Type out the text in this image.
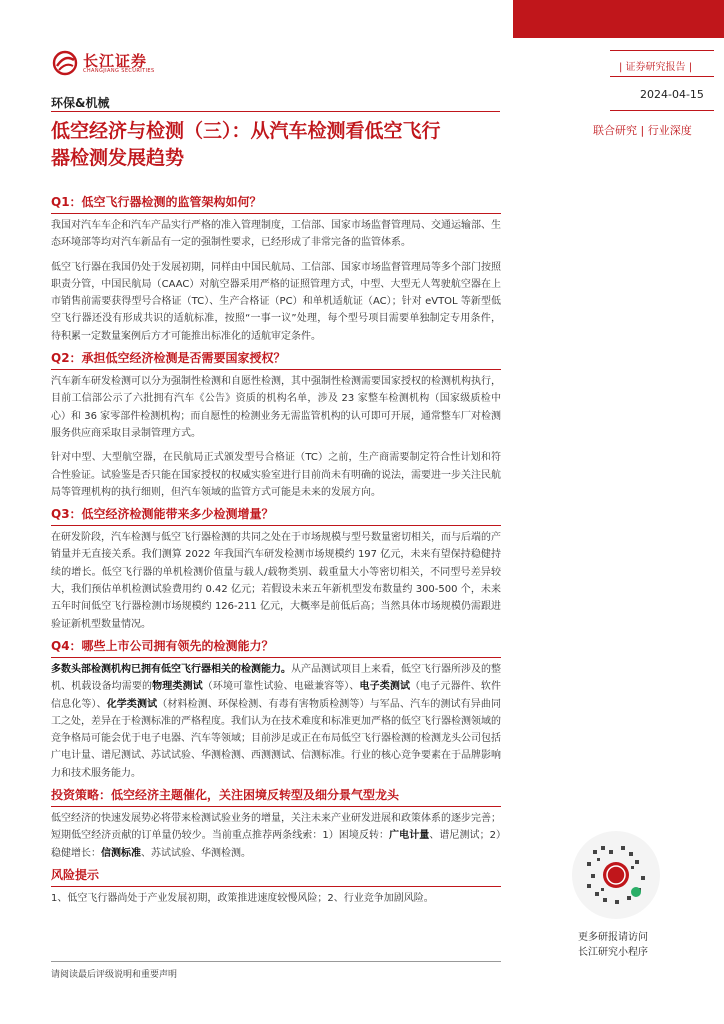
长江证券
CHANGJIANG SECURITIES
环保&机械
低空经济与检测（三）：从汽车检测看低空飞行
器检测发展趋势
| 证券研究报告 |
2024-04-15
联合研究 | 行业深度
Q1：低空飞行器检测的监管架构如何？

我国对汽车车企和汽车产品实行严格的准入管理制度，工信部、国家市场监督管理局、交通运输部、生态环境部等均对汽车新品有一定的强制性要求，已经形成了非常完备的监管体系。

低空飞行器在我国仍处于发展初期，同样由中国民航局、工信部、国家市场监督管理局等多个部门按照职责分管，中国民航局（CAAC）对航空器采用严格的证照管理方式，中型、大型无人驾驶航空器在上市销售前需要获得型号合格证（TC）、生产合格证（PC）和单机适航证（AC）；针对 eVTOL 等新型低空飞行器还没有形成共识的适航标准，按照“一事一议”处理，每个型号项目需要单独制定专用条件，待积累一定数量案例后方才可能推出标准化的适航审定条件。

Q2：承担低空经济检测是否需要国家授权？

汽车新车研发检测可以分为强制性检测和自愿性检测，其中强制性检测需要国家授权的检测机构执行，目前工信部公示了六批拥有汽车《公告》资质的机构名单，涉及 23 家整车检测机构（国家级质检中心）和 36 家零部件检测机构；而自愿性的检测业务无需监管机构的认可即可开展，通常整车厂对检测服务供应商采取目录制管理方式。

针对中型、大型航空器，在民航局正式颁发型号合格证（TC）之前，生产商需要制定符合性计划和符合性验证。试验鉴是否只能在国家授权的权威实验室进行目前尚未有明确的说法，需要进一步关注民航局等管理机构的执行细则，但汽车领域的监管方式可能是未来的发展方向。

Q3：低空经济检测能带来多少检测增量？

在研发阶段，汽车检测与低空飞行器检测的共同之处在于市场规模与型号数量密切相关，而与后端的产销量并无直接关系。我们测算 2022 年我国汽车研发检测市场规模约 197 亿元，未来有望保持稳健持续的增长。低空飞行器的单机检测价值量与载人/载物类别、载重量大小等密切相关，不同型号差异较大，我们预估单机检测试验费用约 0.42 亿元；若假设未来五年新机型发布数量约 300-500 个，未来五年时间低空飞行器检测市场规模约 126-211 亿元，大概率是前低后高；当然具体市场规模仍需跟进验证新机型数量情况。

Q4：哪些上市公司拥有领先的检测能力？

多数头部检测机构已拥有低空飞行器相关的检测能力。从产品测试项目上来看，低空飞行器所涉及的整机、机载设备均需要的物理类测试（环境可靠性试验、电磁兼容等）、电子类测试（电子元器件、软件信息化等）、化学类测试（材料检测、环保检测、有毒有害物质检测等）与军品、汽车的测试有异曲同工之处，差异在于检测标准的严格程度。我们认为在技术难度和标准更加严格的低空飞行器检测领域的竞争格局可能会优于电子电器、汽车等领域；目前涉足或正在布局低空飞行器检测的检测龙头公司包括广电计量、谱尼测试、苏试试验、华测检测、西测测试、信测标准。行业的核心竞争要素在于品牌影响力和技术服务能力。

投资策略：低空经济主题催化，关注困境反转型及细分景气型龙头

低空经济的快速发展势必将带来检测试验业务的增量，关注未来产业研发进展和政策体系的逐步完善；短期低空经济贡献的订单量仍较少。当前重点推荐两条线索：1）困境反转：广电计量、谱尼测试；2）稳健增长：信测标准、苏试试验、华测检测。

风险提示

1、低空飞行器尚处于产业发展初期，政策推进速度较慢风险；2、行业竞争加剧风险。

请阅读最后评级说明和重要声明
更多研报请访问
长江研究小程序
